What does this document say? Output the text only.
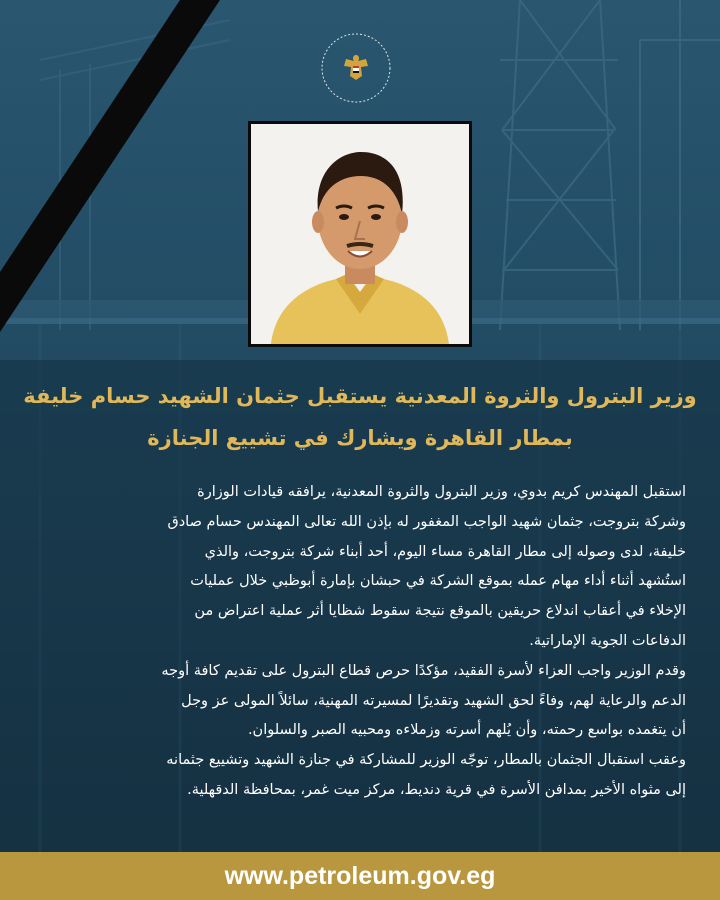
وزير البترول والثروة المعدنية يستقبل جثمان الشهيد حسام خليفة
بمطار القاهرة ويشارك في تشييع الجنازة
استقبل المهندس كريم بدوي، وزير البترول والثروة المعدنية، يرافقه قيادات الوزارة
وشركة بتروجت، جثمان شهيد الواجب المغفور له بإذن الله تعالى المهندس حسام صادق
خليفة، لدى وصوله إلى مطار القاهرة مساء اليوم، أحد أبناء شركة بتروجت، والذي
استُشهد أثناء أداء مهام عمله بموقع الشركة في حبشان بإمارة أبوظبي خلال عمليات
الإخلاء في أعقاب اندلاع حريقين بالموقع نتيجة سقوط شظايا أثر عملية اعتراض من
الدفاعات الجوية الإماراتية.
وقدم الوزير واجب العزاء لأسرة الفقيد، مؤكدًا حرص قطاع البترول على تقديم كافة أوجه
الدعم والرعاية لهم، وفاءً لحق الشهيد وتقديرًا لمسيرته المهنية، سائلاً المولى عز وجل
أن يتغمده بواسع رحمته، وأن يُلهم أسرته وزملاءه ومحبيه الصبر والسلوان.
وعقب استقبال الجثمان بالمطار، توجّه الوزير للمشاركة في جنازة الشهيد وتشييع جثمانه
إلى مثواه الأخير بمدافن الأسرة في قرية دنديط، مركز ميت غمر، بمحافظة الدقهلية.
www.petroleum.gov.eg
